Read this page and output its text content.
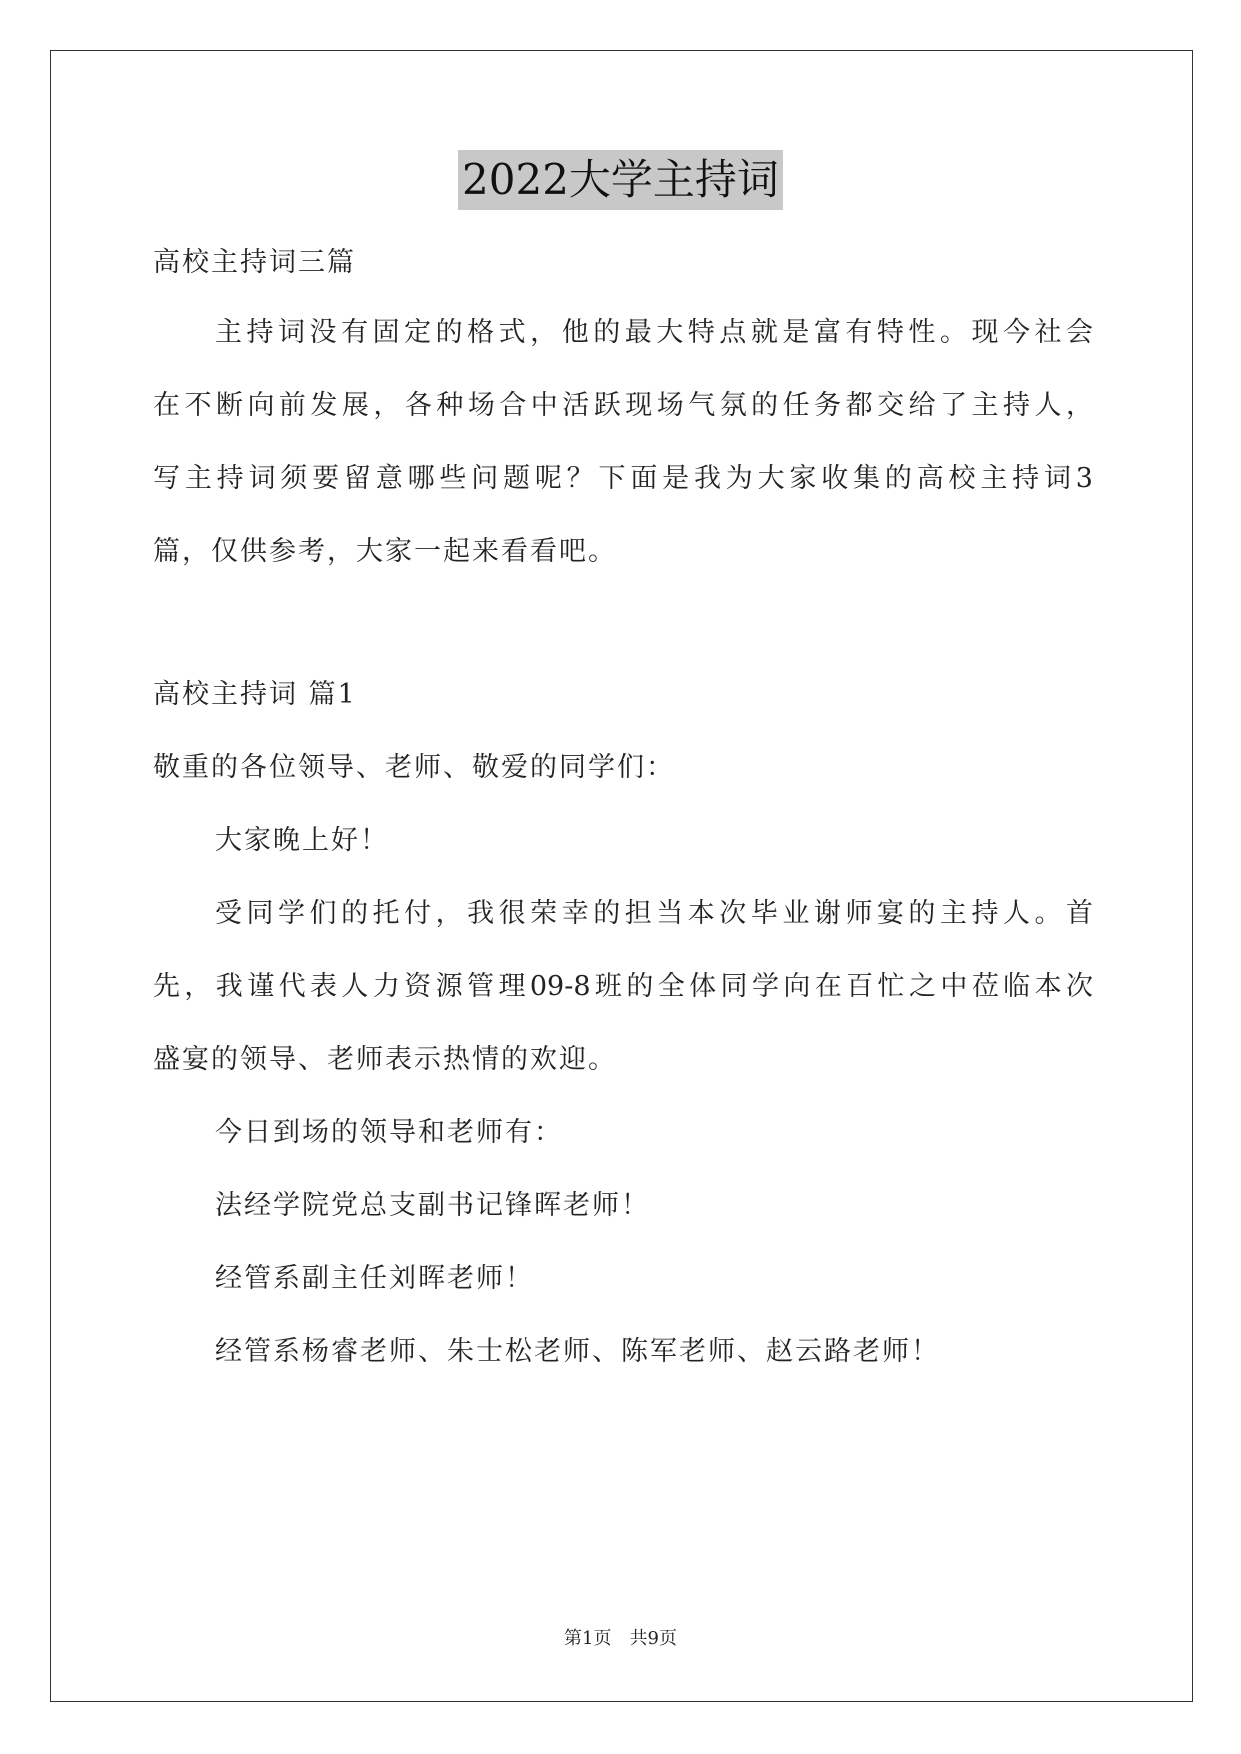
2022大学主持词
高校主持词三篇
主持词没有固定的格式，他的最大特点就是富有特性。现今社会
在不断向前发展，各种场合中活跃现场气氛的任务都交给了主持人，
写主持词须要留意哪些问题呢？下面是我为大家收集的高校主持词3
篇，仅供参考，大家一起来看看吧。
高校主持词 篇1
敬重的各位领导、老师、敬爱的同学们：
大家晚上好！
受同学们的托付，我很荣幸的担当本次毕业谢师宴的主持人。首
先，我谨代表人力资源管理09-8班的全体同学向在百忙之中莅临本次
盛宴的领导、老师表示热情的欢迎。
今日到场的领导和老师有：
法经学院党总支副书记锋晖老师！
经管系副主任刘晖老师！
经管系杨睿老师、朱士松老师、陈军老师、赵云路老师！
第1页　共9页
